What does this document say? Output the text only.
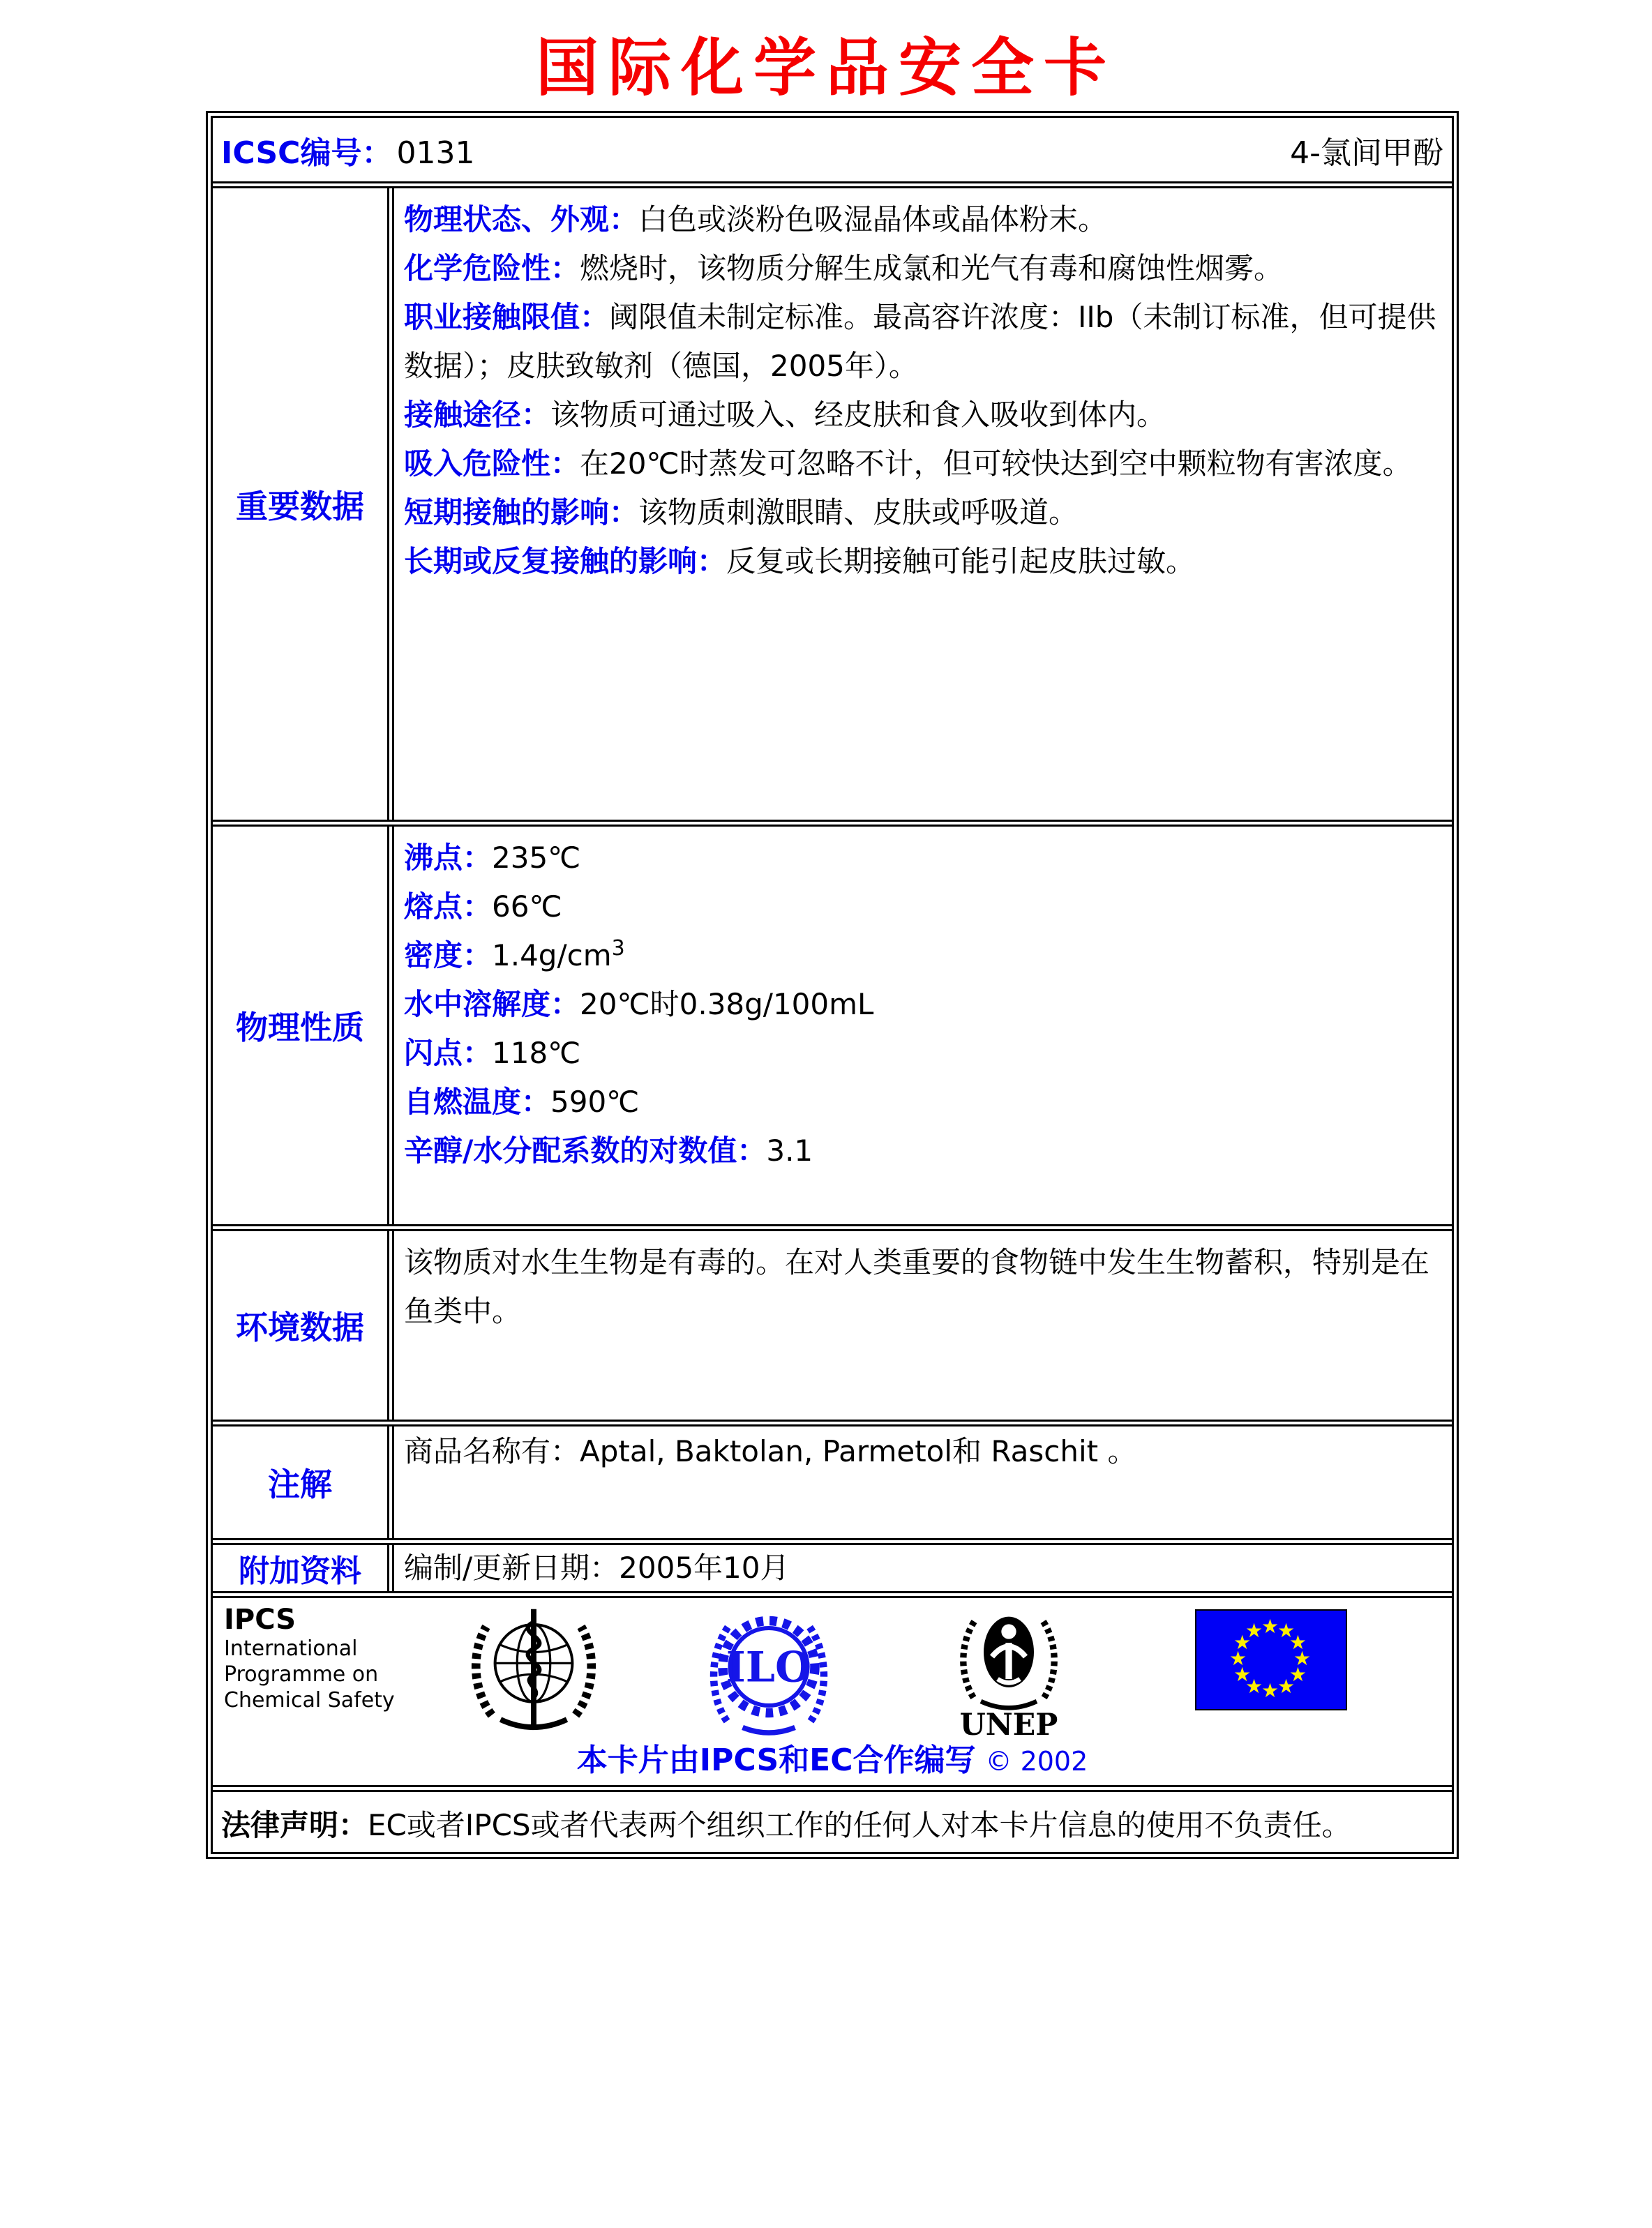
国际化学品安全卡
ICSC编号： 0131	4-氯间甲酚
重要数据
物理状态、外观：白色或淡粉色吸湿晶体或晶体粉末。
化学危险性：燃烧时，该物质分解生成氯和光气有毒和腐蚀性烟雾。
职业接触限值：阈限值未制定标准。最高容许浓度：IIb（未制订标准，但可提供数据）；皮肤致敏剂（德国，2005年）。
接触途径：该物质可通过吸入、经皮肤和食入吸收到体内。
吸入危险性：在20℃时蒸发可忽略不计，但可较快达到空中颗粒物有害浓度。
短期接触的影响：该物质刺激眼睛、皮肤或呼吸道。
长期或反复接触的影响：反复或长期接触可能引起皮肤过敏。
物理性质
沸点：235℃
熔点：66℃
密度：$1.4g/cm^3$
水中溶解度：20℃时0.38g/100mL
闪点：118℃
自燃温度：590℃
辛醇/水分配系数的对数值：3.1
环境数据
该物质对水生生物是有毒的。在对人类重要的食物链中发生生物蓄积，特别是在鱼类中。
注解
商品名称有：Aptal, Baktolan, Parmetol和 Raschit 。
附加资料	编制/更新日期：2005年10月
IPCS
International
Programme on
Chemical Safety
ILO
UNEP
★
★
★
★
★
★
★
★
★
★
★
★
本卡片由IPCS和EC合作编写 © 2002
法律声明：EC或者IPCS或者代表两个组织工作的任何人对本卡片信息的使用不负责任。
